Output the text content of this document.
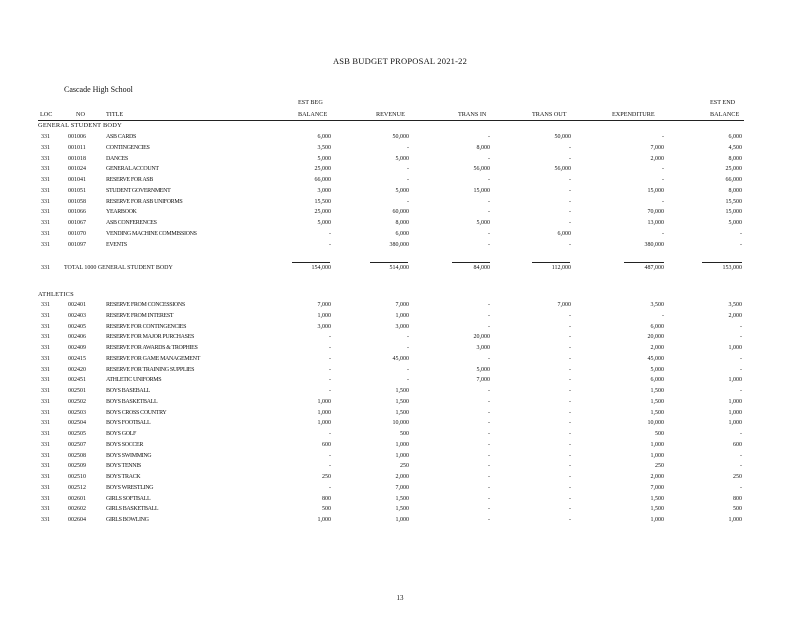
ASB BUDGET PROPOSAL 2021-22
Cascade High School
LOC	NO	TITLE
EST BEG
BALANCE	REVENUE	TRANS IN	TRANS OUT	EXPENDITURE
EST END
BALANCE
GENERAL STUDENT BODY
331	001006	ASB CARDS	6,000	50,000	-	50,000	-	6,000
331	001011	CONTINGENCIES	3,500	-	8,000	-	7,000	4,500
331	001018	DANCES	5,000	5,000	-	-	2,000	8,000
331	001024	GENERAL ACCOUNT	25,000	-	56,000	56,000	-	25,000
331	001041	RESERVE FOR ASB	66,000	-	-	-	-	66,000
331	001051	STUDENT GOVERNMENT	3,000	5,000	15,000	-	15,000	8,000
331	001058	RESERVE FOR ASB UNIFORMS	15,500	-	-	-	-	15,500
331	001066	YEARBOOK	25,000	60,000	-	-	70,000	15,000
331	001067	ASB CONFERENCES	5,000	8,000	5,000	-	13,000	5,000
331	001070	VENDING MACHINE COMMISSIONS	-	6,000	-	6,000	-	-
331	001097	EVENTS	-	380,000	-	-	380,000	-
331 TOTAL 1000 GENERAL STUDENT BODY	154,000	514,000	84,000	112,000	487,000	153,000
ATHLETICS
331	002401	RESERVE FROM CONCESSIONS	7,000	7,000	-	7,000	3,500	3,500
331	002403	RESERVE FROM INTEREST	1,000	1,000	-	-	-	2,000
331	002405	RESERVE FOR CONTINGENCIES	3,000	3,000	-	-	6,000	-
331	002406	RESERVE FOR MAJOR PURCHASES	-	-	20,000	-	20,000	-
331	002409	RESERVE FOR AWARDS & TROPHIES	-	-	3,000	-	2,000	1,000
331	002415	RESERVE FOR GAME MANAGEMENT	-	45,000	-	-	45,000	-
331	002420	RESERVE FOR TRAINING SUPPLIES	-	-	5,000	-	5,000	-
331	002451	ATHLETIC UNIFORMS	-	-	7,000	-	6,000	1,000
331	002501	BOYS BASEBALL	-	1,500	-	-	1,500	-
331	002502	BOYS BASKETBALL	1,000	1,500	-	-	1,500	1,000
331	002503	BOYS CROSS COUNTRY	1,000	1,500	-	-	1,500	1,000
331	002504	BOYS FOOTBALL	1,000	10,000	-	-	10,000	1,000
331	002505	BOYS GOLF	-	500	-	-	500	-
331	002507	BOYS SOCCER	600	1,000	-	-	1,000	600
331	002508	BOYS SWIMMING	-	1,000	-	-	1,000	-
331	002509	BOYS TENNIS	-	250	-	-	250	-
331	002510	BOYS TRACK	250	2,000	-	-	2,000	250
331	002512	BOYS WRESTLING	-	7,000	-	-	7,000	-
331	002601	GIRLS SOFTBALL	800	1,500	-	-	1,500	800
331	002602	GIRLS BASKETBALL	500	1,500	-	-	1,500	500
331	002604	GIRLS BOWLING	1,000	1,000	-	-	1,000	1,000
13
